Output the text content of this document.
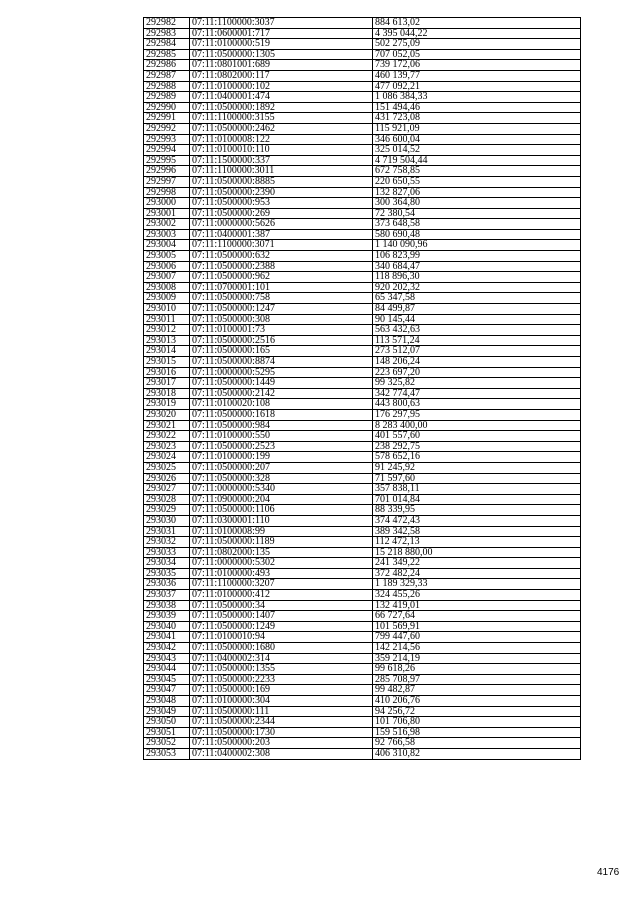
292982	07:11:1100000:3037	884 613,02
292983	07:11:0600001:717	4 395 044,22
292984	07:11:0100000:519	502 275,09
292985	07:11:0500000:1305	707 052,05
292986	07:11:0801001:689	739 172,06
292987	07:11:0802000:117	460 139,77
292988	07:11:0100000:102	477 092,21
292989	07:11:0400001:474	1 086 384,33
292990	07:11:0500000:1892	151 494,46
292991	07:11:1100000:3155	431 723,08
292992	07:11:0500000:2462	115 921,09
292993	07:11:0100008:122	346 600,04
292994	07:11:0100010:110	325 014,52
292995	07:11:1500000:337	4 719 504,44
292996	07:11:1100000:3011	672 758,85
292997	07:11:0500000:8885	220 650,55
292998	07:11:0500000:2390	132 827,06
293000	07:11:0500000:953	300 364,80
293001	07:11:0500000:269	72 380,54
293002	07:11:0000000:5626	373 648,58
293003	07:11:0400001:387	580 690,48
293004	07:11:1100000:3071	1 140 090,96
293005	07:11:0500000:632	106 823,99
293006	07:11:0500000:2388	340 684,47
293007	07:11:0500000:962	118 896,30
293008	07:11:0700001:101	920 202,32
293009	07:11:0500000:758	65 347,58
293010	07:11:0500000:1247	84 499,87
293011	07:11:0500000:308	90 145,44
293012	07:11:0100001:73	563 432,63
293013	07:11:0500000:2516	113 571,24
293014	07:11:0500000:165	273 512,07
293015	07:11:0500000:8874	148 206,24
293016	07:11:0000000:5295	223 697,20
293017	07:11:0500000:1449	99 325,82
293018	07:11:0500000:2142	342 774,47
293019	07:11:0100020:108	443 800,63
293020	07:11:0500000:1618	176 297,95
293021	07:11:0500000:984	8 283 400,00
293022	07:11:0100000:550	401 557,60
293023	07:11:0500000:2523	238 292,75
293024	07:11:0100000:199	578 652,16
293025	07:11:0500000:207	91 245,92
293026	07:11:0500000:328	71 597,60
293027	07:11:0000000:5340	357 838,11
293028	07:11:0900000:204	701 014,84
293029	07:11:0500000:1106	88 339,95
293030	07:11:0300001:110	374 472,43
293031	07:11:0100008:99	389 342,58
293032	07:11:0500000:1189	112 472,13
293033	07:11:0802000:135	15 218 880,00
293034	07:11:0000000:5302	241 349,22
293035	07:11:0100000:493	372 482,24
293036	07:11:1100000:3207	1 189 329,33
293037	07:11:0100000:412	324 455,26
293038	07:11:0500000:34	132 419,01
293039	07:11:0500000:1407	66 727,64
293040	07:11:0500000:1249	101 569,91
293041	07:11:0100010:94	799 447,60
293042	07:11:0500000:1680	142 214,56
293043	07:11:0400002:314	359 214,19
293044	07:11:0500000:1355	99 618,26
293045	07:11:0500000:2233	285 708,97
293047	07:11:0500000:169	99 482,87
293048	07:11:0100000:304	410 206,76
293049	07:11:0500000:111	94 256,72
293050	07:11:0500000:2344	101 706,80
293051	07:11:0500000:1730	159 516,98
293052	07:11:0500000:203	92 766,58
293053	07:11:0400002:308	406 310,82
4176
